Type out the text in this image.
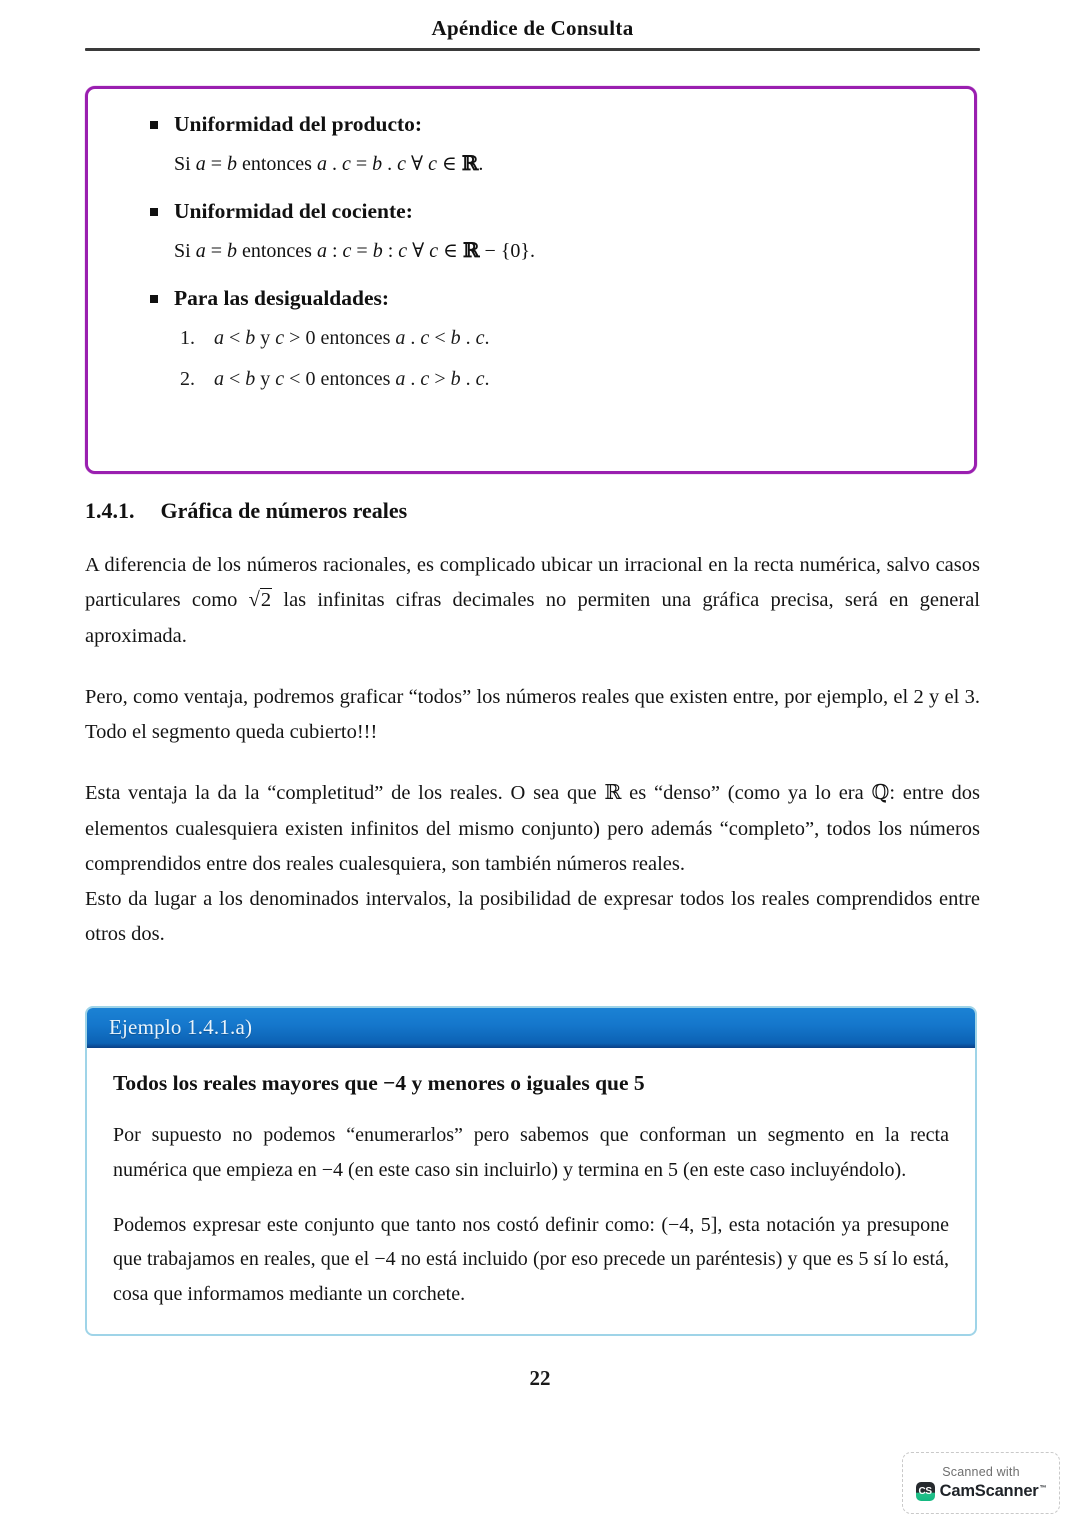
Apéndice de Consulta
Uniformidad del producto:
Si a = b entonces a . c = b . c ∀ c ∈ ℝ.
Uniformidad del cociente:
Si a = b entonces a : c = b : c ∀ c ∈ ℝ − {0}.
Para las desigualdades:
1. a < b y c > 0 entonces a . c < b . c.
2. a < b y c < 0 entonces a . c > b . c.
1.4.1. Gráfica de números reales

A diferencia de los números racionales, es complicado ubicar un irracional en la recta numérica, salvo casos particulares como √2 las infinitas cifras decimales no permiten una gráfica precisa, será en general aproximada.

Pero, como ventaja, podremos graficar “todos” los números reales que existen entre, por ejemplo, el 2 y el 3. Todo el segmento queda cubierto!!!

Esta ventaja la da la “completitud” de los reales. O sea que ℝ es “denso” (como ya lo era ℚ: entre dos elementos cualesquiera existen infinitos del mismo conjunto) pero además “completo”, todos los números comprendidos entre dos reales cualesquiera, son también números reales.

Esto da lugar a los denominados intervalos, la posibilidad de expresar todos los reales comprendidos entre otros dos.

Ejemplo 1.4.1.a)
Todos los reales mayores que −4 y menores o iguales que 5

Por supuesto no podemos “enumerarlos” pero sabemos que conforman un segmento en la recta numérica que empieza en −4 (en este caso sin incluirlo) y termina en 5 (en este caso incluyéndolo).

Podemos expresar este conjunto que tanto nos costó definir como: (−4, 5], esta notación ya presupone que trabajamos en reales, que el −4 no está incluido (por eso precede un paréntesis) y que es 5 sí lo está, cosa que informamos mediante un corchete.

22
Scanned with
CS CamScanner™
